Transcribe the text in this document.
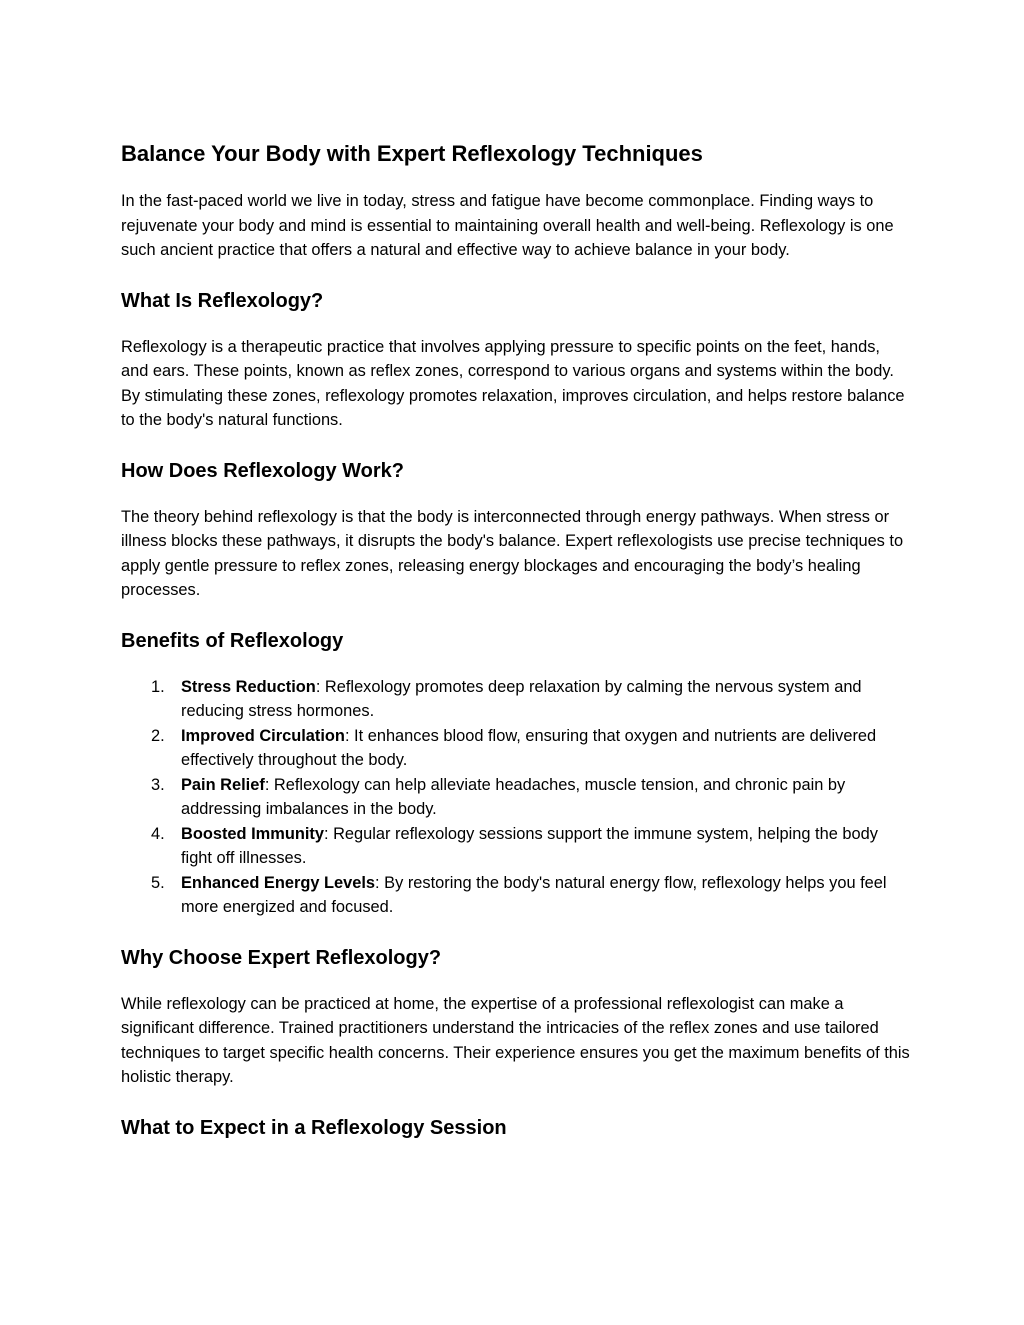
Balance Your Body with Expert Reflexology Techniques

In the fast-paced world we live in today, stress and fatigue have become commonplace. Finding ways to rejuvenate your body and mind is essential to maintaining overall health and well-being. Reflexology is one such ancient practice that offers a natural and effective way to achieve balance in your body.

What Is Reflexology?

Reflexology is a therapeutic practice that involves applying pressure to specific points on the feet, hands, and ears. These points, known as reflex zones, correspond to various organs and systems within the body. By stimulating these zones, reflexology promotes relaxation, improves circulation, and helps restore balance to the body's natural functions.

How Does Reflexology Work?

The theory behind reflexology is that the body is interconnected through energy pathways. When stress or illness blocks these pathways, it disrupts the body's balance. Expert reflexologists use precise techniques to apply gentle pressure to reflex zones, releasing energy blockages and encouraging the body’s healing processes.

Benefits of Reflexology
1. Stress Reduction: Reflexology promotes deep relaxation by calming the nervous system and reducing stress hormones.
2. Improved Circulation: It enhances blood flow, ensuring that oxygen and nutrients are delivered effectively throughout the body.
3. Pain Relief: Reflexology can help alleviate headaches, muscle tension, and chronic pain by addressing imbalances in the body.
4. Boosted Immunity: Regular reflexology sessions support the immune system, helping the body fight off illnesses.
5. Enhanced Energy Levels: By restoring the body's natural energy flow, reflexology helps you feel more energized and focused.
Why Choose Expert Reflexology?

While reflexology can be practiced at home, the expertise of a professional reflexologist can make a significant difference. Trained practitioners understand the intricacies of the reflex zones and use tailored techniques to target specific health concerns. Their experience ensures you get the maximum benefits of this holistic therapy.

What to Expect in a Reflexology Session
